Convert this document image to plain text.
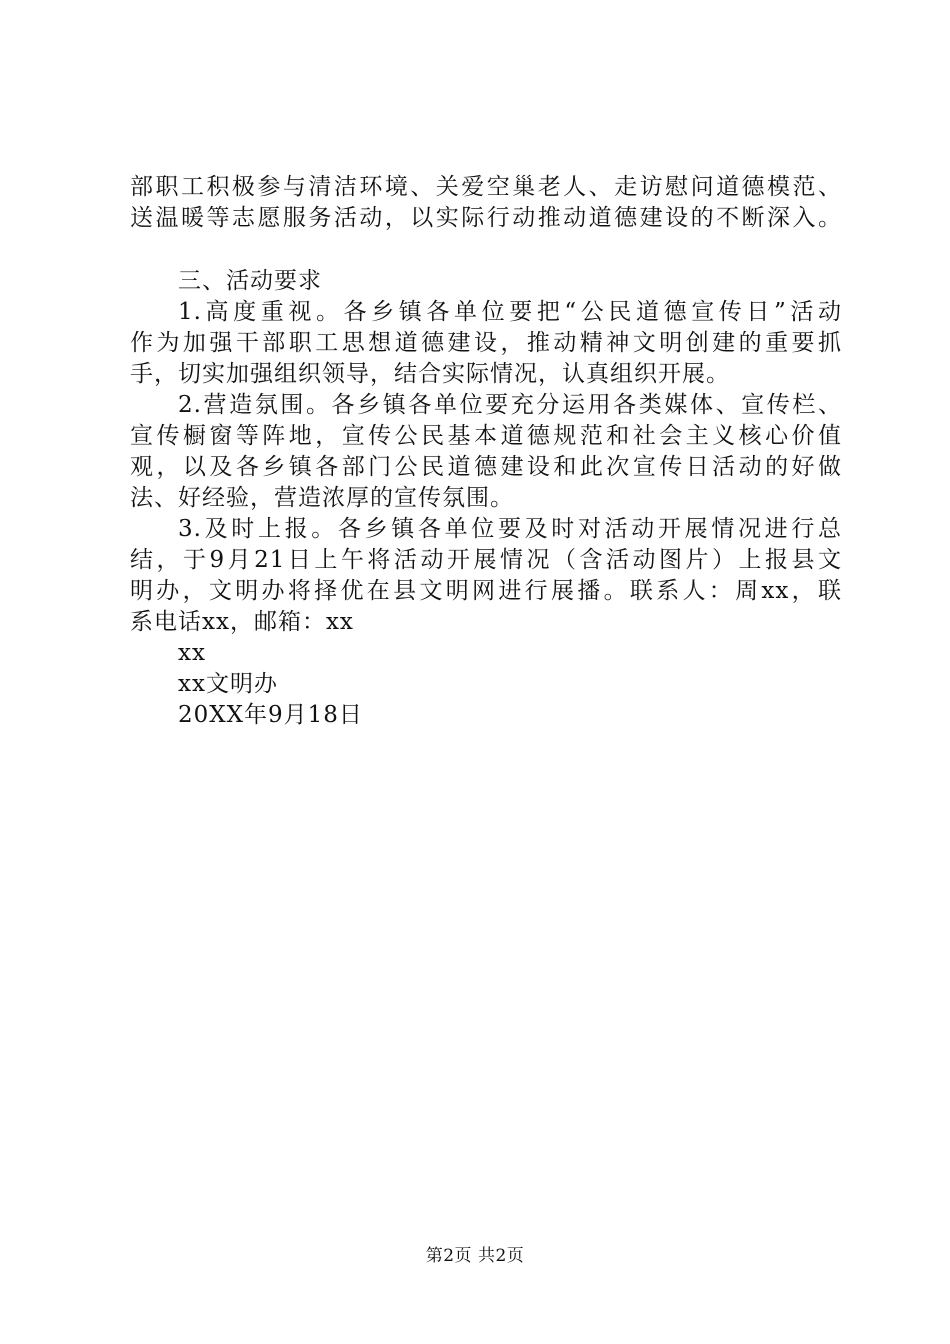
部职工积极参与清洁环境、关爱空巢老人、走访慰问道德模范、
送温暖等志愿服务活动，以实际行动推动道德建设的不断深入。
三、活动要求
1.高度重视。各乡镇各单位要把“公民道德宣传日”活动
作为加强干部职工思想道德建设，推动精神文明创建的重要抓
手，切实加强组织领导，结合实际情况，认真组织开展。
2.营造氛围。各乡镇各单位要充分运用各类媒体、宣传栏、
宣传橱窗等阵地，宣传公民基本道德规范和社会主义核心价值
观，以及各乡镇各部门公民道德建设和此次宣传日活动的好做
法、好经验，营造浓厚的宣传氛围。
3.及时上报。各乡镇各单位要及时对活动开展情况进行总
结，于9月21日上午将活动开展情况（含活动图片）上报县文
明办，文明办将择优在县文明网进行展播。联系人：周xx，联
系电话xx，邮箱：xx
xx
xx文明办
20XX年9月18日
第2页 共2页
